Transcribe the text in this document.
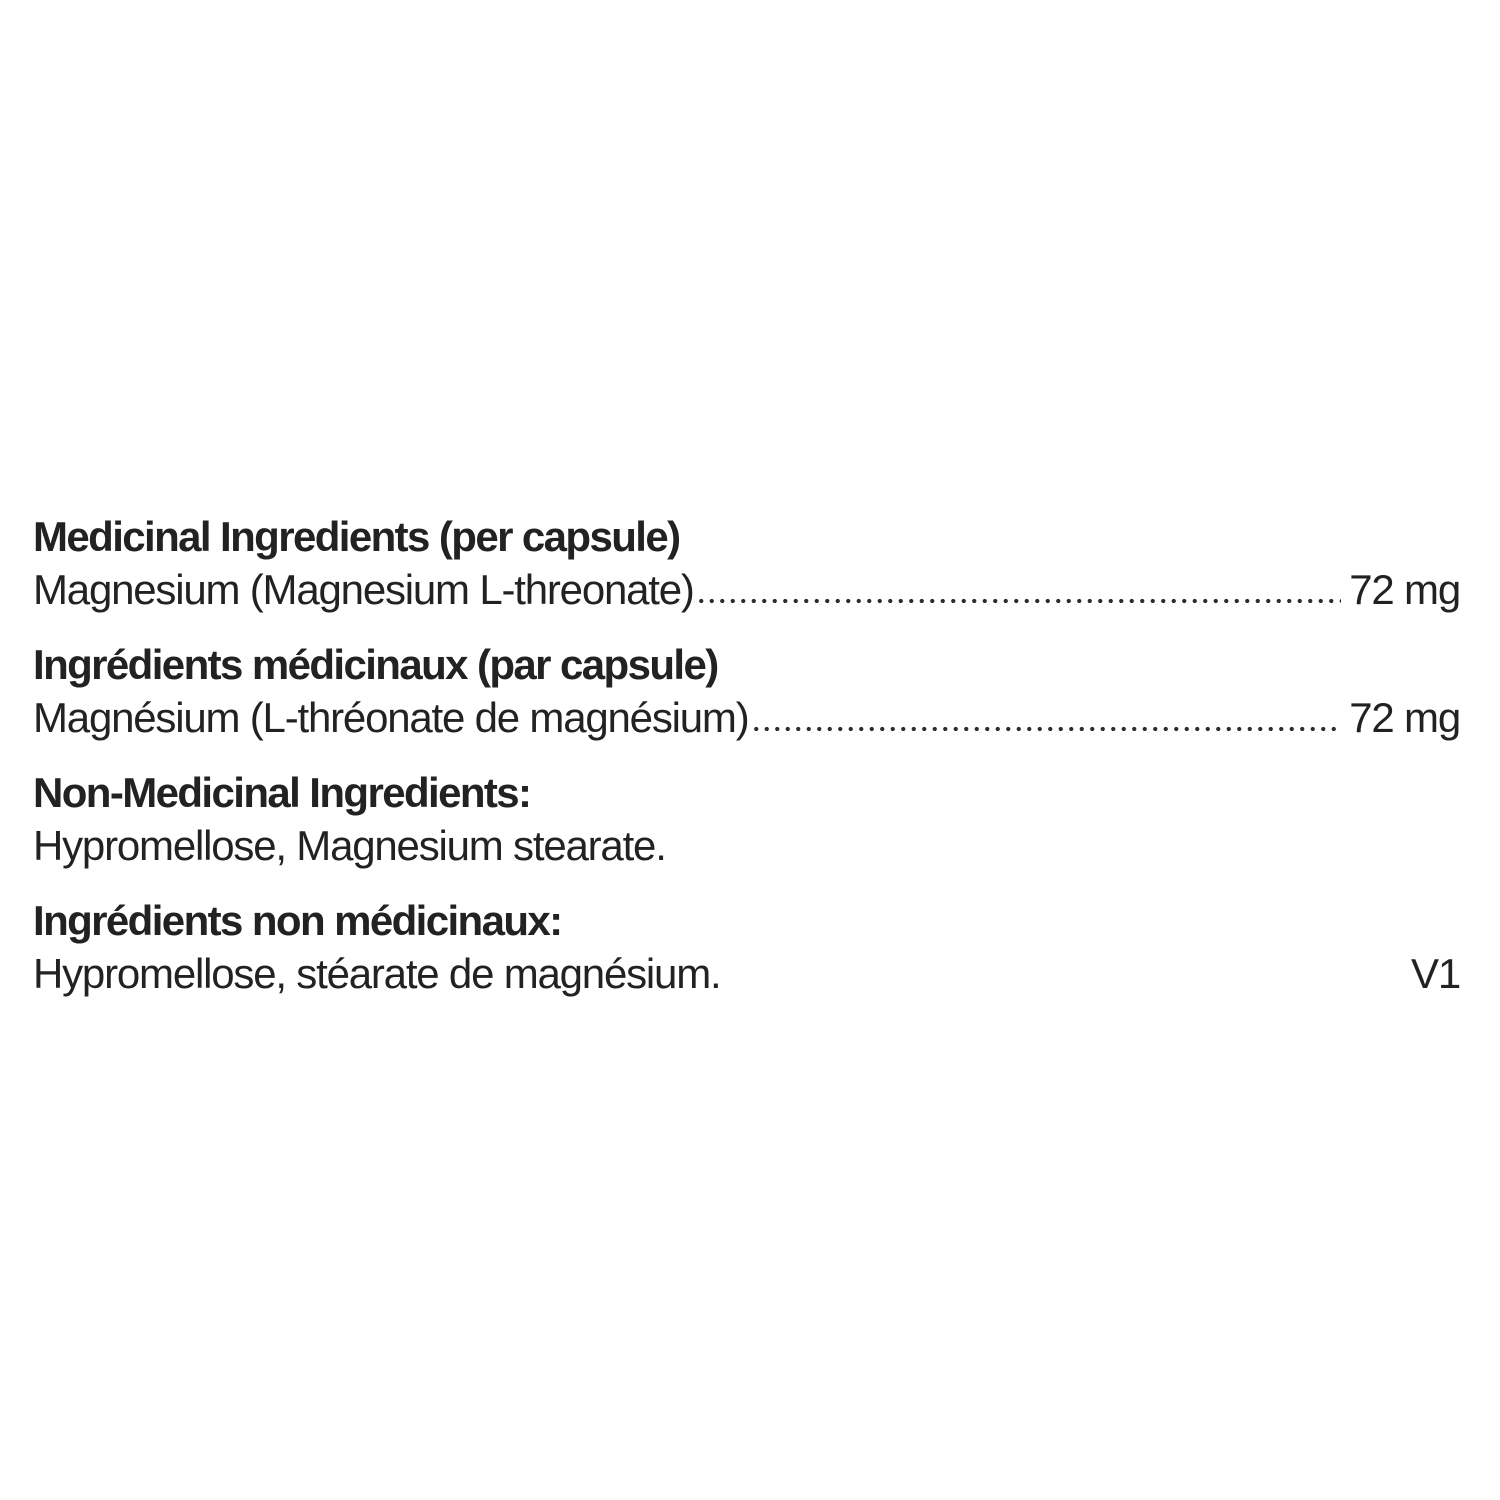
Medicinal Ingredients (per capsule)
Magnesium (Magnesium L-threonate)	72 mg
Ingrédients médicinaux (par capsule)
Magnésium (L-thréonate de magnésium)	72 mg
Non-Medicinal Ingredients:
Hypromellose, Magnesium stearate.
Ingrédients non médicinaux:
Hypromellose, stéarate de magnésium.	V1
